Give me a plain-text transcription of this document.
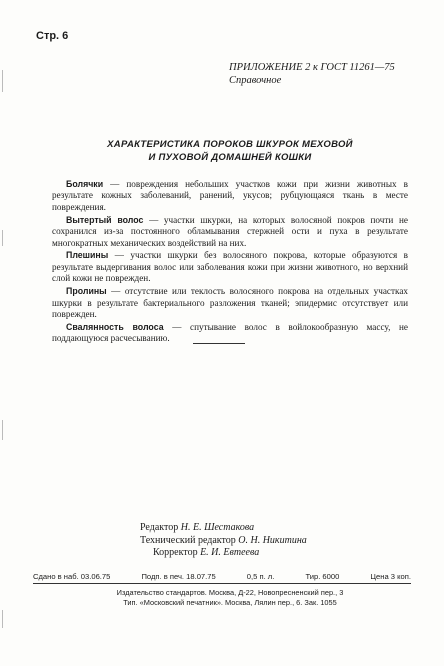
Стр. 6
ПРИЛОЖЕНИЕ 2 к ГОСТ 11261—75
Справочное
ХАРАКТЕРИСТИКА ПОРОКОВ ШКУРОК МЕХОВОЙ
И ПУХОВОЙ ДОМАШНЕЙ КОШКИ

Болячки — повреждения небольших участков кожи при жизни животных в результате кожных заболеваний, ранений, укусов; рубцующаяся ткань в месте повреждения.

Вытертый волос — участки шкурки, на которых волосяной покров почти не сохранился из-за постоянного обламывания стержней ости и пуха в результате многократных механических воздействий на них.

Плешины — участки шкурки без волосяного покрова, которые образуются в результате выдергивания волос или заболевания кожи при жизни животного, но верхний слой кожи не поврежден.

Пролины — отсутствие или теклость волосяного покрова на отдельных участках шкурки в результате бактериального разложения тканей; эпидермис отсутствует или поврежден.

Свалянность волоса — спутывание волос в войлокообразную массу, не поддающуюся расчесыванию.

Редактор Н. Е. Шестакова
Технический редактор О. Н. Никитина
Корректор Е. И. Евтеева
Сдано в наб. 03.06.75	Подп. в печ. 18.07.75	0,5 п. л.	Тир. 6000	Цена 3 коп.
Издательство стандартов. Москва, Д-22, Новопресненский пер., 3
Тип. «Московский печатник». Москва, Лялин пер., 6. Зак. 1055
